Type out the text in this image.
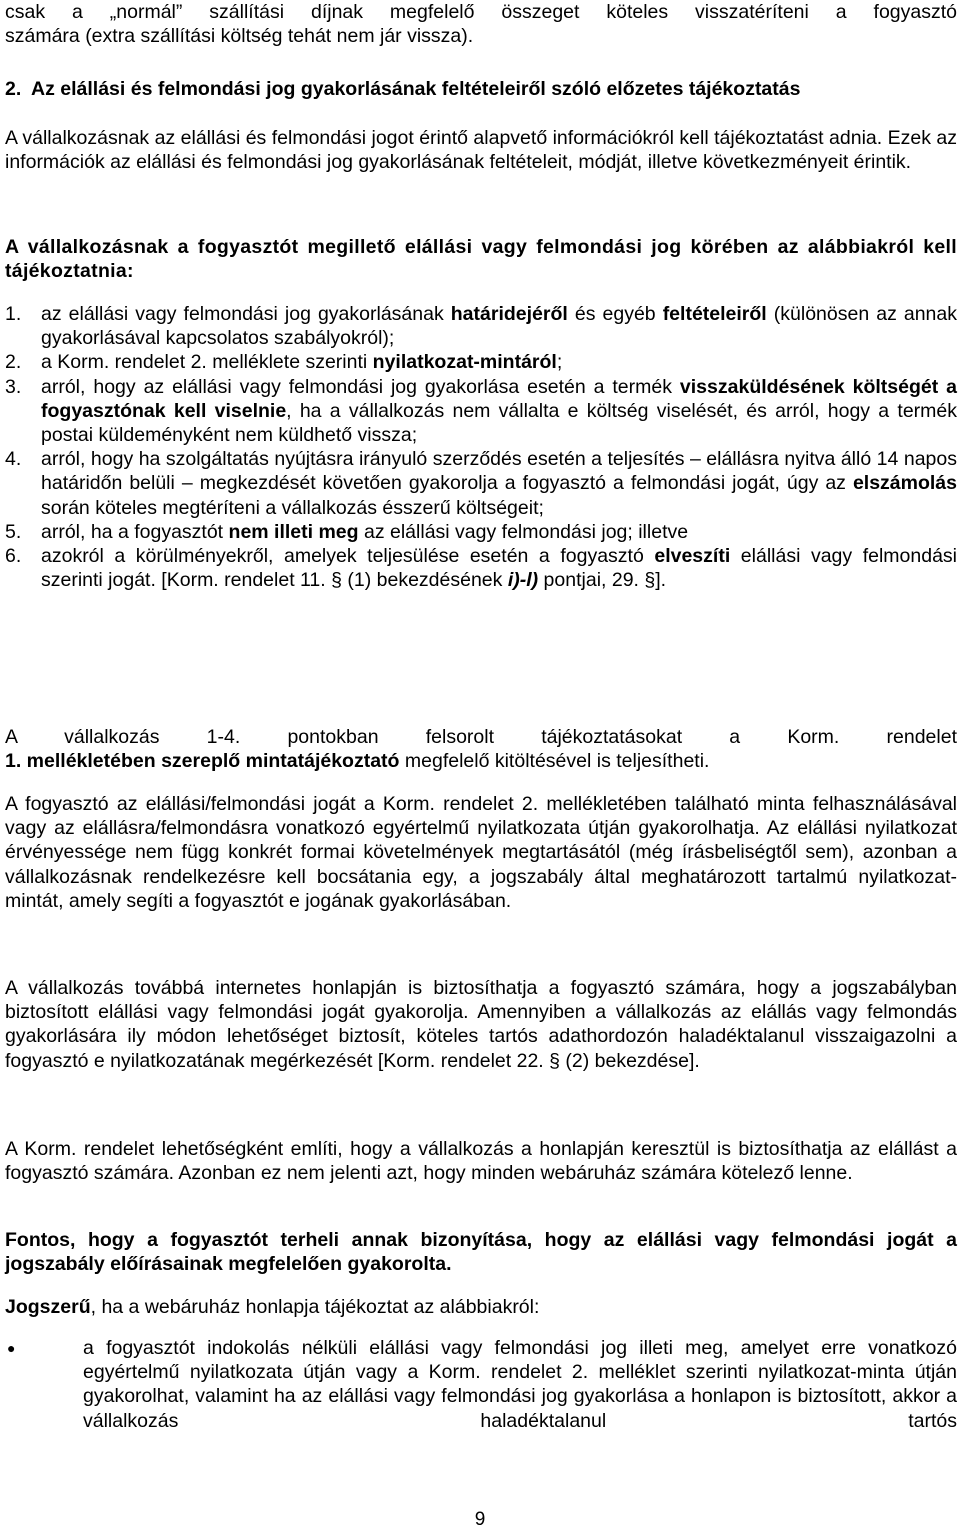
csak a „normál” szállítási díjnak megfelelő összeget köteles visszatéríteni a fogyasztó

számára (extra szállítási költség tehát nem jár vissza).

2. Az elállási és felmondási jog gyakorlásának feltételeiről szóló előzetes tájékoztatás

A vállalkozásnak az elállási és felmondási jogot érintő alapvető információkról kell tájékoztatást adnia. Ezek az információk az elállási és felmondási jog gyakorlásának feltételeit, módját, illetve következményeit érintik.

A vállalkozásnak a fogyasztót megillető elállási vagy felmondási jog körében az alábbiakról kell tájékoztatnia:

1.	az elállási vagy felmondási jog gyakorlásának határidejéről és egyéb feltételeiről (különösen az annak gyakorlásával kapcsolatos szabályokról);

2.	a Korm. rendelet 2. melléklete szerinti nyilatkozat-mintáról;

3.	arról, hogy az elállási vagy felmondási jog gyakorlása esetén a termék visszaküldésének költségét a fogyasztónak kell viselnie, ha a vállalkozás nem vállalta e költség viselését, és arról, hogy a termék postai küldeményként nem küldhető vissza;

4.	arról, hogy ha szolgáltatás nyújtásra irányuló szerződés esetén a teljesítés – elállásra nyitva álló 14 napos határidőn belüli – megkezdését követően gyakorolja a fogyasztó a felmondási jogát, úgy az elszámolás során köteles megtéríteni a vállalkozás ésszerű költségeit;

5.	arról, ha a fogyasztót nem illeti meg az elállási vagy felmondási jog; illetve

6.	azokról a körülményekről, amelyek teljesülése esetén a fogyasztó elveszíti elállási vagy felmondási szerinti jogát. [Korm. rendelet 11. § (1) bekezdésének i)-l) pontjai, 29. §].

A vállalkozás 1-4. pontokban felsorolt tájékoztatásokat a Korm. rendelet

1. mellékletében szereplő mintatájékoztató megfelelő kitöltésével is teljesítheti.

A fogyasztó az elállási/felmondási jogát a Korm. rendelet 2. mellékletében található minta felhasználásával vagy az elállásra/felmondásra vonatkozó egyértelmű nyilatkozata útján gyakorolhatja. Az elállási nyilatkozat érvényessége nem függ konkrét formai követelmények megtartásától (még írásbeliségtől sem), azonban a vállalkozásnak rendelkezésre kell bocsátania egy, a jogszabály által meghatározott tartalmú nyilatkozat-mintát, amely segíti a fogyasztót e jogának gyakorlásában.

A vállalkozás továbbá internetes honlapján is biztosíthatja a fogyasztó számára, hogy a jogszabályban biztosított elállási vagy felmondási jogát gyakorolja. Amennyiben a vállalkozás az elállás vagy felmondás gyakorlására ily módon lehetőséget biztosít, köteles tartós adathordozón haladéktalanul visszaigazolni a fogyasztó e nyilatkozatának megérkezését [Korm. rendelet 22. § (2) bekezdése].

A Korm. rendelet lehetőségként említi, hogy a vállalkozás a honlapján keresztül is biztosíthatja az elállást a fogyasztó számára. Azonban ez nem jelenti azt, hogy minden webáruház számára kötelező lenne.

Fontos, hogy a fogyasztót terheli annak bizonyítása, hogy az elállási vagy felmondási jogát a jogszabály előírásainak megfelelően gyakorolta.

Jogszerű, ha a webáruház honlapja tájékoztat az alábbiakról:

●	a fogyasztót indokolás nélküli elállási vagy felmondási jog illeti meg, amelyet erre vonatkozó egyértelmű nyilatkozata útján vagy a Korm. rendelet 2. melléklet szerinti nyilatkozat-minta útján gyakorolhat, valamint ha az elállási vagy felmondási jog gyakorlása a honlapon is biztosított, akkor a vállalkozás haladéktalanul tartós

9
